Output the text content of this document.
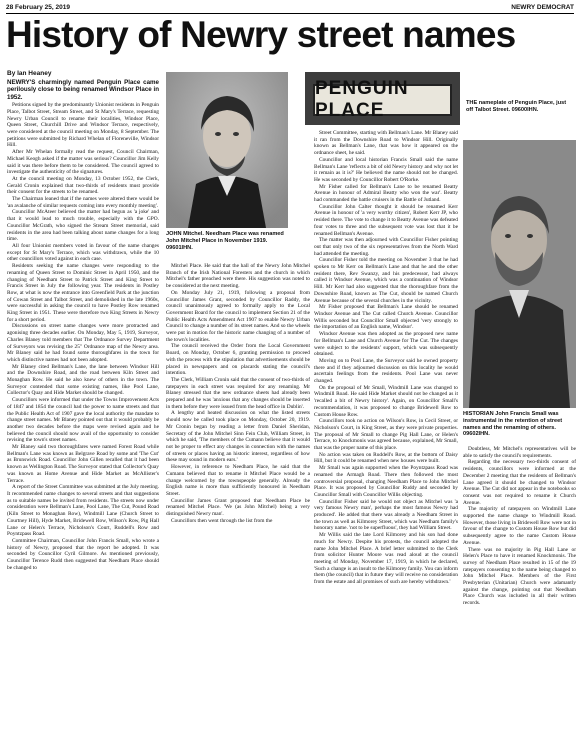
28 February 25, 2019	NEWRY DEMOCRAT
History of Newry street names
By Ian Heaney

NEWRY'S charmingly named Penguin Place came perilously close to being renamed Windsor Place in 1952.

Petitions signed by the predominantly Unionist residents in Penguin Place, Talbot Street, Stream Street, and St Mary's Terrace, requesting Newry Urban Council to rename their localities, Windsor Place, Queen Street, Churchill Drive and Windsor Terrace, respectively, were considered at the council meeting on Monday, 8 September. The petitions were submitted by Richard Whelan of Floreneville, Windsor Hill.

After Mr Whelan formally read the request, Council Chairman, Michael Keogh asked if the matter was serious? Councillor Jim Kelly said it was there before them to be considered. The council agreed to investigate the authenticity of the signatures.

At the council meeting on Monday, 13 October 1952, the Clerk, Gerald Cronin explained that two-thirds of residents must provide their consent for the streets to be renamed.

The Chairman leaned that if the names were altered there would be 'an avalanche of similar requests coming into every monthly meeting'.

Councillor McAteer believed the matter had begun as 'a joke' and that it would lead to much trouble, especially with the GPO. Councillor McGrath, who signed the Stream Street memorial, said residents in the area had been talking about name changes for a long time.

All four Unionist members voted in favour of the name changes except for St Mary's Terrace, which was withdrawn, while the 10 other councillors voted against in each case.

Residents seeking the name changes were responding to the renaming of Queen Street to Dominic Street in April 1950, and the changing of Needham Street to Patrick Street and King Street to Francis Street in July the following year. The residents in Postley Row, at what is now the entrance into Greenfield Park at the junction of Cowan Street and Talbot Street, and demolished in the late 1960s, were successful in asking the council to have Postley Row renamed King Street in 1951. These were therefore two King Streets in Newry for a short period.

Discussions on street name changes were more protracted and agonising three decades earlier. On Monday, May 5, 1919, Surveyor, Charles Blaney told members that The Ordnance Survey Department of Surveyors was revising the 25" Ordnance map of the Newry area. Mr Blaney said he had found some thoroughfares in the town for which distinctive names had not been adopted.

Mr Blaney cited Bellman's Lane, the lane between Windsor Hill and the Downshire Road, and the road between Kiln Street and Monaghan Row. He said he also knew of others in the town. The Surveyor contended that some existing names, like Pool Lane, Collector's Quay and Hide Market should be changed.

Councillors were informed that under the Towns Improvement Acts of 1847 and 1854 the council had the power to name streets and that the Public Health Act of 1907 gave the local authority the mandate to change street names. Mr Blaney pointed out that it would probably be another two decades before the maps were revised again and he believed the council should now avail of the opportunity to consider revising the town's street names.

Mr Blaney said two thoroughfares were named Forest Road while Bellman's Lane was known as Belgrave Road by some and 'The Cut' as Brunswick Road. Councillor John Gillen recalled that it had been known as Wellington Road. The Surveyor stated that Collector's Quay was known as Home Avenue and Hide Market as McAllister's Terrace.

A report of the Street Committee was submitted at the July meeting. It recommended name changes to several streets and that suggestions as to suitable names be invited from residents. The streets now under consideration were Bellman's Lane, Pool Lane, The Cut, Pound Road (Kiln Street to Monaghan Row), Windmill Lane (Church Street to Courtney Hill), Hyde Market, Bridewell Row, Wilson's Row, Pig Hall Lane or Helen's Terrace, Nicholson's Court, Ruddell's Row and Poyntzpass Road.

Committee Chairman, Councillor John Francis Small, who wrote a history of Newry, proposed that the report be adopted. It was seconded by Councillor Cyril Gilmore. As mentioned previously, Councillor Terence Rudd then suggested that Needham Place should be changed to

JOHN Mitchel. Needham Place was renamed John Mitchel Place in November 1919. 09601IHN.

Mitchel Place. He said that the hall of the Newry John Mitchel Branch of the Irish National Foresters and the church in which Mitchel's father preached were there. His suggestion was noted to be considered at the next meeting.

On Monday July 21, 1919, following a proposal from Councillor James Grant, seconded by Councillor Raddy, the council unanimously agreed to formally apply to the Local Government Board for the council to implement Section 21 of the Public Health Acts Amendment Act 1907 to enable Newry Urban Council to change a number of its street names. And so the wheels were put in motion for the historic name changing of a number of the town's localities.

The council received the Order from the Local Government Board, on Monday, October 6, granting permission to proceed with the process with the stipulation that advertisements should be placed in newspapers and on placards stating the council's intention.

The Clerk, William Cronin said that the consent of two-thirds of ratepayers in each street was required for any renaming. Mr Blaney stressed that the new ordnance sheets had already been prepared and he was 'anxious that any changes should be inserted in them before they were issued from the head office in Dublin'.

A lengthy and heated discussion on what the listed streets should now be called took place on Monday, October 20, 1919. Mr Cronin began by reading a letter from Daniel Sheridan, Secretary of the John Mitchel Sinn Fein Club, William Street, in which he said, 'The members of the Cumann believe that it would not be proper to effect any changes in connection with the names of streets or places having an historic interest, regardless of how these may sound in modern ears.'

However, in reference to Needham Place, he said that the Cumann believed that to rename it Mitchel Place would be a change welcomed by the townspeople generally. Already the English name is more than sufficiently honoured in Needham Street.

Councillor James Grant proposed that Needham Place be renamed Mitchel Place. 'We (as John Mitchel) being a very distinguished Newry man'.

Councillors then went through the list from the

PENGUIN PLACE	THE nameplate of Penguin Place, just off Talbot Street. 09600IHN.

Street Committee, starting with Bellman's Lane. Mr Blaney said it ran from the Downshire Road to Windsor Hill. Originally known as Bellman's Lane, that was how it appeared on the ordnance sheet, he said.

Councillor and local historian Francis Small said the name Bellman's Lane 'reflects a bit of old Newry history and why not let it remain as it is?' He believed the name should not be changed. He was seconded by Councillor Robert O'Rorke.

Mr Fisher called for Bellman's Lane to be renamed Beatty Avenue in honour of Admiral Beatty who won the war'. Beatty had commanded the battle cruisers in the Battle of Jutland.

Councillor John Calter thought it should be renamed Kerr Avenue in honour of 'a very worthy citizen', Robert Kerr JP, who resided there. The vote to change it to Beatty Avenue was defeated four votes to three and the subsequent vote was lost that it be renamed Bellman's Avenue.

The matter was then adjourned with Councillor Fisher pointing out that only two of the six representatives from the North Ward had attended the meeting.

Councillor Fisher told the meeting on November 3 that he had spoken to Mr Kerr on Bellman's Lane and that he and the other resident there, Rev Swanzy, and his predecessor, had always called it Windsor Avenue, which was a continuation of Windsor Hill. Mr Kerr had also suggested that the thoroughfare from the Downshire Road, known as The Cut, should be named Church Avenue because of the several churches in the vicinity.

Mr Fisher proposed that Bellman's Lane should be renamed Windsor Avenue and The Cut called Church Avenue. Councillor Willis seconded but Councillor Small objected 'very strongly to the importation of an English name, Windsor'.

Windsor Avenue was then adopted as the proposed new name for Bellman's Lane and Church Avenue for The Cut. The changes were subject to the residents' support, which was subsequently obtained.

Moving on to Pool Lane, the Surveyor said he owned property there and if they adjourned discussion on this locality he would ascertain feelings from the residents. Pool Lane was never changed.

On the proposal of Mr Small, Windmill Lane was changed to Windmill Road. He said Hide Market should not be changed as it 'recalled a bit of Newry history'. Again, on Councillor Small's recommendation, it was proposed to change Bridewell Row to Custom House Row.

Councillors took no action on Wilson's Row, in Cecil Street, or Nicholson's Court, in King Street, as they were private properties. The proposal of Mr Small to change Pig Hall Lane, or Helen's Terrace, to Knockmonis was agreed because, explained, Mr Small, that was the proper name of this place.

No action was taken on Ruddell's Row, at the bottom of Daisy Hill, but it could be renamed when new houses were built.

Mr Small was again supported when the Poyntzpass Road was renamed the Armagh Road. There then followed the most controversial proposal, changing Needham Place to John Mitchel Place. It was proposed by Councillor Ruddy and seconded by Councillor Small with Councillor Willis objecting.

Councillor Fisher said he would not object as Mitchel was 'a very famous Newry man', perhaps the most famous Newry had produced'. He added that there was already a Needham Street in the town as well as Kilmorey Street, which was Needham family's honorary name. 'not to be superfluous', they had William Street.

Mr Willis said the late Lord Kilmorey and his son had done much for Newry. Despite his protests, the council adopted the name John Mitchel Place. A brief letter submitted to the Clerk from solicitor Hunter Moore was read aloud at the council meeting of Monday, November 17, 1919, in which he declared, 'Such a change is an insult to the Kilmorey family. You can inform them (the council) that in future they will receive no consideration from the estate and all promises of such are hereby withdrawn.'

HISTORIAN John Francis Small was instrumental in the retention of street names and the renaming of others. 09602IHN.

Doubtless, Mr Mitchel's representatives will be able to satisfy the council's requirements.

Regarding the necessary two-thirds consent of residents, councillors were informed at the December 2 meeting that the residents of Bellman's Lane agreed it should be changed to Windsor Avenue. The Cut did not appear in the notebooks so consent was not required to rename it Church Avenue.

The majority of ratepayers on Windmill Lane supported the name change to Windmill Road. However, those living in Bridewell Row were not in favour of the change to Custom House Row but did subsequently agree to the name Custom House Avenue.

There was no majority in Pig Hall Lane or Helen's Place to have it renamed Knockmonis. The survey of Needham Place resulted in 15 of the 19 ratepayers consenting to the name being changed to John Mitchel Place. Members of the First Presbyterian (Unitarian) Church were adamantly against the change, pointing out that Needham Place Church was included in all their written records.
